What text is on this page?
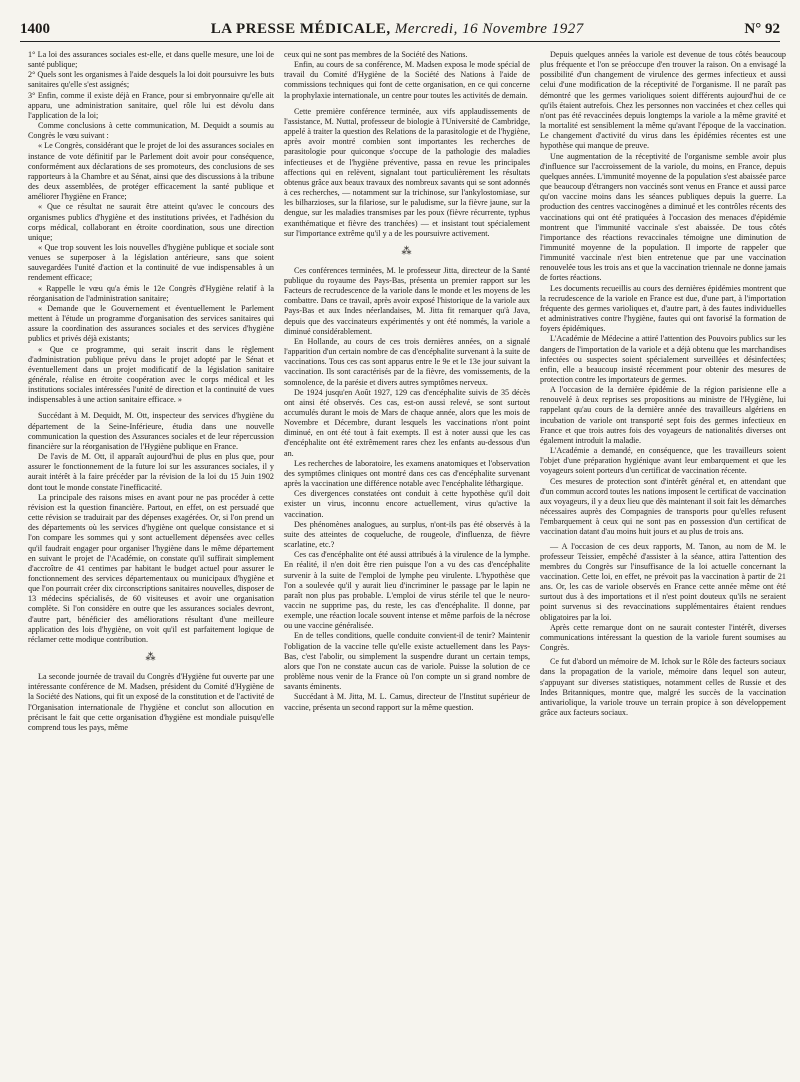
1400	LA PRESSE MÉDICALE, Mercredi, 16 Novembre 1927	N° 92

1° La loi des assurances sociales est-elle, et dans quelle mesure, une loi de santé publique;

2° Quels sont les organismes à l'aide desquels la loi doit poursuivre les buts sanitaires qu'elle s'est assignés;

3° Enfin, comme il existe déjà en France, pour si embryonnaire qu'elle ait apparu, une administration sanitaire, quel rôle lui est dévolu dans l'application de la loi;

Comme conclusions à cette communication, M. Dequidt a soumis au Congrès le vœu suivant :

« Le Congrès, considérant que le projet de loi des assurances sociales en instance de vote définitif par le Parlement doit avoir pour conséquence, conformément aux déclarations de ses promoteurs, des conclusions de ses rapporteurs à la Chambre et au Sénat, ainsi que des discussions à la tribune des deux assemblées, de protéger efficacement la santé publique et améliorer l'hygiène en France;

« Que ce résultat ne saurait être atteint qu'avec le concours des organismes publics d'hygiène et des institutions privées, et l'adhésion du corps médical, collaborant en étroite coordination, sous une direction unique;

« Que trop souvent les lois nouvelles d'hygiène publique et sociale sont venues se superposer à la législation antérieure, sans que soient sauvegardées l'unité d'action et la continuité de vue indispensables à un rendement efficace;

« Rappelle le vœu qu'a émis le 12e Congrès d'Hygiène relatif à la réorganisation de l'administration sanitaire;

« Demande que le Gouvernement et éventuellement le Parlement mettent à l'étude un programme d'organisation des services sanitaires qui assure la coordination des assurances sociales et des services d'hygiène publics et privés déjà existants;

« Que ce programme, qui serait inscrit dans le règlement d'administration publique prévu dans le projet adopté par le Sénat et éventuellement dans un projet modificatif de la législation sanitaire générale, réalise en étroite coopération avec le corps médical et les institutions sociales intéressées l'unité de direction et la continuité de vues indispensables à une action sanitaire efficace. »

Succédant à M. Dequidt, M. Ott, inspecteur des services d'hygiène du département de la Seine-Inférieure, étudia dans une nouvelle communication la question des Assurances sociales et de leur répercussion financière sur la réorganisation de l'Hygiène publique en France.

De l'avis de M. Ott, il apparaît aujourd'hui de plus en plus que, pour assurer le fonctionnement de la future loi sur les assurances sociales, il y aurait intérêt à la faire précéder par la révision de la loi du 15 Juin 1902 dont tout le monde constate l'inefficacité.

La principale des raisons mises en avant pour ne pas procéder à cette révision est la question financière. Partout, en effet, on est persuadé que cette révision se traduirait par des dépenses exagérées. Or, si l'on prend un des départements où les services d'hygiène ont quelque consistance et si l'on compare les sommes qui y sont actuellement dépensées avec celles qu'il faudrait engager pour organiser l'hygiène dans le même département en suivant le projet de l'Académie, on constate qu'il suffirait simplement d'accroître de 41 centimes par habitant le budget actuel pour assurer le fonctionnement des services départementaux ou municipaux d'hygiène et que l'on pourrait créer dix circonscriptions sanitaires nouvelles, disposer de 13 médecins spécialisés, de 60 visiteuses et avoir une organisation complète. Si l'on considère en outre que les assurances sociales devront, d'autre part, bénéficier des améliorations résultant d'une meilleure application des lois d'hygiène, on voit qu'il est parfaitement logique de réclamer cette modique contribution.

⁂

La seconde journée de travail du Congrès d'Hygiène fut ouverte par une intéressante conférence de M. Madsen, président du Comité d'Hygiène de la Société des Nations, qui fit un exposé de la constitution et de l'activité de l'Organisation internationale de l'hygiène et conclut son allocution en précisant le fait que cette organisation d'hygiène est mondiale puisqu'elle comprend tous les pays, même

ceux qui ne sont pas membres de la Société des Nations.

Enfin, au cours de sa conférence, M. Madsen exposa le mode spécial de travail du Comité d'Hygiène de la Société des Nations à l'aide de commissions techniques qui font de cette organisation, en ce qui concerne la prophylaxie internationale, un centre pour toutes les activités de demain.

Cette première conférence terminée, aux vifs applaudissements de l'assistance, M. Nuttal, professeur de biologie à l'Université de Cambridge, appelé à traiter la question des Relations de la parasitologie et de l'hygiène, après avoir montré combien sont importantes les recherches de parasitologie pour quiconque s'occupe de la pathologie des maladies infectieuses et de l'hygiène préventive, passa en revue les principales affections qui en relèvent, signalant tout particulièrement les résultats obtenus grâce aux beaux travaux des nombreux savants qui se sont adonnés à ces recherches, — notamment sur la trichinose, sur l'ankylostomiase, sur les bilharzioses, sur la filariose, sur le paludisme, sur la fièvre jaune, sur la dengue, sur les maladies transmises par les poux (fièvre récurrente, typhus exanthématique et fièvre des tranchées) — et insistant tout spécialement sur l'importance extrême qu'il y a de les poursuivre activement.

⁂

Ces conférences terminées, M. le professeur Jitta, directeur de la Santé publique du royaume des Pays-Bas, présenta un premier rapport sur les Facteurs de recrudescence de la variole dans le monde et les moyens de les combattre. Dans ce travail, après avoir exposé l'historique de la variole aux Pays-Bas et aux Indes néerlandaises, M. Jitta fit remarquer qu'à Java, depuis que des vaccinateurs expérimentés y ont été nommés, la variole a diminué considérablement.

En Hollande, au cours de ces trois dernières années, on a signalé l'apparition d'un certain nombre de cas d'encéphalite survenant à la suite de vaccinations. Tous ces cas sont apparus entre le 9e et le 13e jour suivant la vaccination. Ils sont caractérisés par de la fièvre, des vomissements, de la somnolence, de la parésie et divers autres symptômes nerveux.

De 1924 jusqu'en Août 1927, 129 cas d'encéphalite suivis de 35 décès ont ainsi été observés. Ces cas, est-on aussi relevé, se sont surtout accumulés durant le mois de Mars de chaque année, alors que les mois de Novembre et Décembre, durant lesquels les vaccinations n'ont point diminué, en ont été tout à fait exempts. Il est à noter aussi que les cas d'encéphalite ont été extrêmement rares chez les enfants au-dessous d'un an.

Les recherches de laboratoire, les examens anatomiques et l'observation des symptômes cliniques ont montré dans ces cas d'encéphalite survenant après la vaccination une différence notable avec l'encéphalite léthargique.

Ces divergences constatées ont conduit à cette hypothèse qu'il doit exister un virus, inconnu encore actuellement, virus qu'active la vaccination.

Des phénomènes analogues, au surplus, n'ont-ils pas été observés à la suite des atteintes de coqueluche, de rougeole, d'influenza, de fièvre scarlatine, etc.?

Ces cas d'encéphalite ont été aussi attribués à la virulence de la lymphe. En réalité, il n'en doit être rien puisque l'on a vu des cas d'encéphalite survenir à la suite de l'emploi de lymphe peu virulente. L'hypothèse que l'on a soulevée qu'il y aurait lieu d'incriminer le passage par le lapin ne paraît non plus pas probable. L'emploi de virus stérile tel que le neuro-vaccin ne supprime pas, du reste, les cas d'encéphalite. Il donne, par exemple, une réaction locale souvent intense et même parfois de la nécrose ou une vaccine généralisée.

En de telles conditions, quelle conduite convient-il de tenir? Maintenir l'obligation de la vaccine telle qu'elle existe actuellement dans les Pays-Bas, c'est l'abolir, ou simplement la suspendre durant un certain temps, alors que l'on ne constate aucun cas de variole. Puisse la solution de ce problème nous venir de la France où l'on compte un si grand nombre de savants éminents.

Succédant à M. Jitta, M. L. Camus, directeur de l'Institut supérieur de vaccine, présenta un second rapport sur la même question.

Depuis quelques années la variole est devenue de tous côtés beaucoup plus fréquente et l'on se préoccupe d'en trouver la raison. On a envisagé la possibilité d'un changement de virulence des germes infectieux et aussi celui d'une modification de la réceptivité de l'organisme. Il ne paraît pas démontré que les germes varioliques soient différents aujourd'hui de ce qu'ils étaient autrefois. Chez les personnes non vaccinées et chez celles qui n'ont pas été revaccinées depuis longtemps la variole a la même gravité et la mortalité est sensiblement la même qu'avant l'époque de la vaccination. Le changement d'activité du virus dans les épidémies récentes est une hypothèse qui manque de preuve.

Une augmentation de la réceptivité de l'organisme semble avoir plus d'influence sur l'accroissement de la variole, du moins, en France, depuis quelques années. L'immunité moyenne de la population s'est abaissée parce que beaucoup d'étrangers non vaccinés sont venus en France et aussi parce qu'on vaccine moins dans les séances publiques depuis la guerre. La production des centres vaccinogènes a diminué et les contrôles récents des vaccinations qui ont été pratiquées à l'occasion des menaces d'épidémie montrent que l'immunité vaccinale s'est abaissée. De tous côtés l'importance des réactions revaccinales témoigne une diminution de l'immunité moyenne de la population. Il importe de rappeler que l'immunité vaccinale n'est bien entretenue que par une vaccination renouvelée tous les trois ans et que la vaccination triennale ne donne jamais de fortes réactions.

Les documents recueillis au cours des dernières épidémies montrent que la recrudescence de la variole en France est due, d'une part, à l'importation fréquente des germes varioliques et, d'autre part, à des fautes individuelles et administratives contre l'hygiène, fautes qui ont favorisé la formation de foyers épidémiques.

L'Académie de Médecine a attiré l'attention des Pouvoirs publics sur les dangers de l'importation de la variole et a déjà obtenu que les marchandises infectées ou suspectes soient spécialement surveillées et désinfectées; enfin, elle a beaucoup insisté récemment pour obtenir des mesures de protection contre les importateurs de germes.

A l'occasion de la dernière épidémie de la région parisienne elle a renouvelé à deux reprises ses propositions au ministre de l'Hygiène, lui rappelant qu'au cours de la dernière année des travailleurs algériens en incubation de variole ont transporté sept fois des germes infectieux en France et que trois autres fois des voyageurs de nationalités diverses ont également introduit la maladie.

L'Académie a demandé, en conséquence, que les travailleurs soient l'objet d'une préparation hygiénique avant leur embarquement et que les voyageurs soient porteurs d'un certificat de vaccination récente.

Ces mesures de protection sont d'intérêt général et, en attendant que d'un commun accord toutes les nations imposent le certificat de vaccination aux voyageurs, il y a deux lieu que dès maintenant il soit fait les démarches nécessaires auprès des Compagnies de transports pour qu'elles refusent l'embarquement à ceux qui ne sont pas en possession d'un certificat de vaccination datant d'au moins huit jours et au plus de trois ans.

— A l'occasion de ces deux rapports, M. Tanon, au nom de M. le professeur Teissier, empêché d'assister à la séance, attira l'attention des membres du Congrès sur l'insuffisance de la loi actuelle concernant la vaccination. Cette loi, en effet, ne prévoit pas la vaccination à partir de 21 ans. Or, les cas de variole observés en France cette année même ont été surtout dus à des importations et il n'est point douteux qu'ils ne seraient point survenus si des revaccinations supplémentaires étaient rendues obligatoires par la loi.

Après cette remarque dont on ne saurait contester l'intérêt, diverses communications intéressant la question de la variole furent soumises au Congrès.

Ce fut d'abord un mémoire de M. Ichok sur le Rôle des facteurs sociaux dans la propagation de la variole, mémoire dans lequel son auteur, s'appuyant sur diverses statistiques, notamment celles de Russie et des Indes Britanniques, montre que, malgré les succès de la vaccination antivariolique, la variole trouve un terrain propice à son développement grâce aux facteurs sociaux.
